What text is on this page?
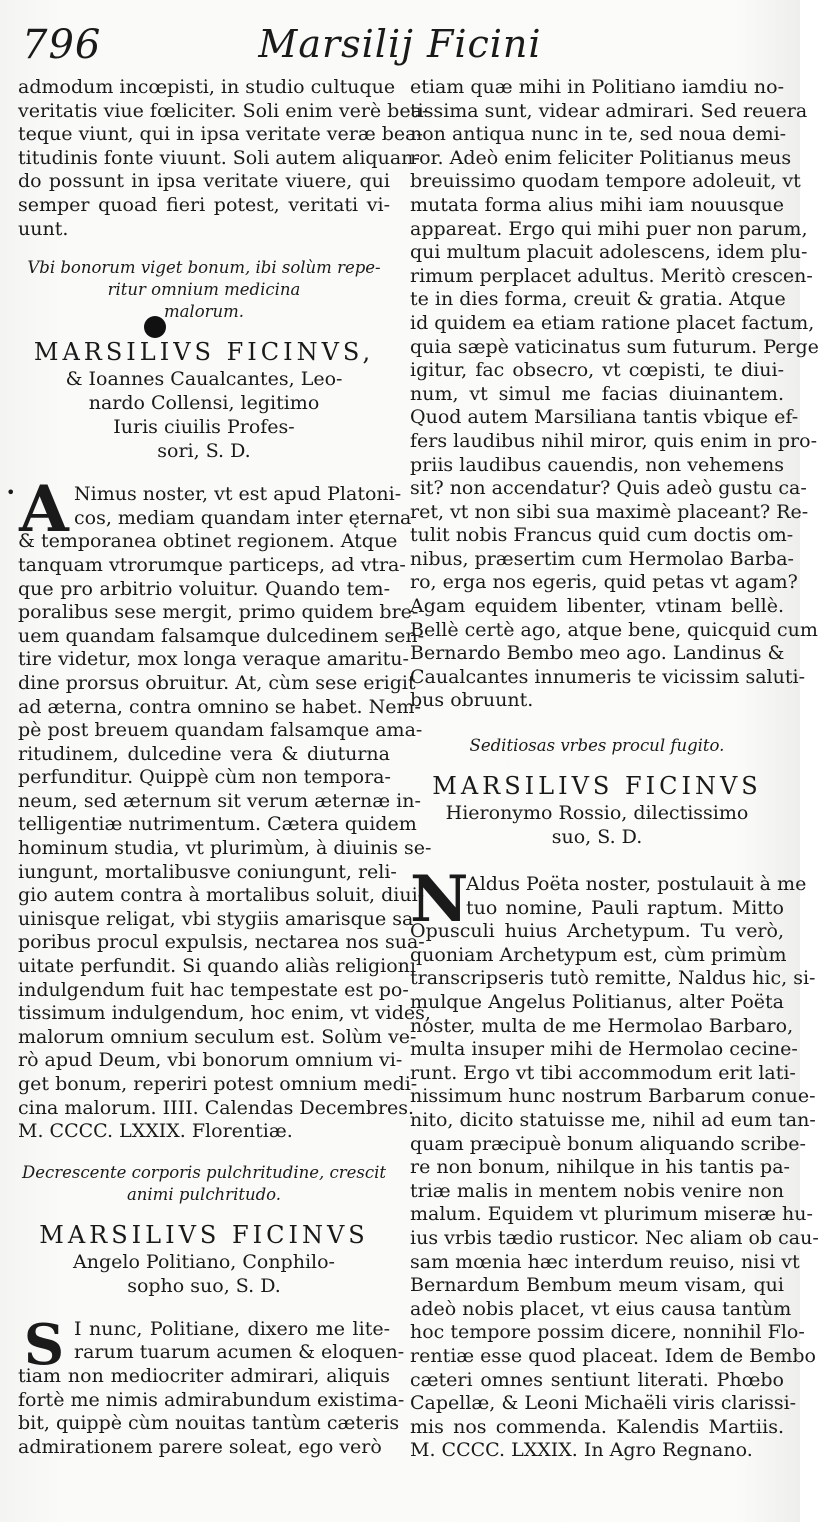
796	Marsilij Ficini
admodum incœpisti, in studio cultuque
veritatis viue fœliciter. Soli enim verè bea-
teque viunt, qui in ipsa veritate veræ bea-
titudinis fonte viuunt. Soli autem aliquan-
do possunt in ipsa veritate viuere, qui
semper quoad fieri potest, veritati vi-
uunt.
Vbi bonorum viget bonum, ibi solùm repe-
ritur omnium medicina
malorum.
MARSILIVS FICINVS,
& Ioannes Caualcantes, Leo-
nardo Collensi, legitimo
Iuris ciuilis Profes-
sori, S. D.
• A Nimus noster, vt est apud Platoni-
cos, mediam quandam inter ęterna
& temporanea obtinet regionem. Atque
tanquam vtrorumque particeps, ad vtra-
que pro arbitrio voluitur. Quando tem-
poralibus sese mergit, primo quidem bre-
uem quandam falsamque dulcedinem sen-
tire videtur, mox longa veraque amaritu-
dine prorsus obruitur. At, cùm sese erigit
ad æterna, contra omnino se habet. Nem-
pè post breuem quandam falsamque ama-
ritudinem, dulcedine vera & diuturna
perfunditur. Quippè cùm non tempora-
neum, sed æternum sit verum æternæ in-
telligentiæ nutrimentum. Cætera quidem
hominum studia, vt plurimùm, à diuinis se-
iungunt, mortalibusve coniungunt, reli-
gio autem contra à mortalibus soluit, diui-
uinisque religat, vbi stygiis amarisque sa-
poribus procul expulsis, nectarea nos sua-
uitate perfundit. Si quando aliàs religioni
indulgendum fuit hac tempestate est po-
tissimum indulgendum, hoc enim, vt vides,
malorum omnium seculum est. Solùm ve-
rò apud Deum, vbi bonorum omnium vi-
get bonum, reperiri potest omnium medi-
cina malorum. IIII. Calendas Decembres.
M. CCCC. LXXIX. Florentiæ.
Decrescente corporis pulchritudine, crescit
animi pulchritudo.
MARSILIVS FICINVS
Angelo Politiano, Conphilo-
sopho suo, S. D.
S I nunc, Politiane, dixero me lite-
rarum tuarum acumen & eloquen-
tiam non mediocriter admirari, aliquis
fortè me nimis admirabundum existima-
bit, quippè cùm nouitas tantùm cæteris
admirationem parere soleat, ego verò
etiam quæ mihi in Politiano iamdiu no-
tissima sunt, videar admirari. Sed reuera
non antiqua nunc in te, sed noua demi-
ror. Adeò enim feliciter Politianus meus
breuissimo quodam tempore adoleuit, vt
mutata forma alius mihi iam nouusque
appareat. Ergo qui mihi puer non parum,
qui multum placuit adolescens, idem plu-
rimum perplacet adultus. Meritò crescen-
te in dies forma, creuit & gratia. Atque
id quidem ea etiam ratione placet factum,
quia sæpè vaticinatus sum futurum. Perge
igitur, fac obsecro, vt cœpisti, te diui-
num, vt simul me facias diuinantem.
Quod autem Marsiliana tantis vbique ef-
fers laudibus nihil miror, quis enim in pro-
priis laudibus cauendis, non vehemens
sit? non accendatur? Quis adeò gustu ca-
ret, vt non sibi sua maximè placeant? Re-
tulit nobis Francus quid cum doctis om-
nibus, præsertim cum Hermolao Barba-
ro, erga nos egeris, quid petas vt agam?
Agam equidem libenter, vtinam bellè.
Bellè certè ago, atque bene, quicquid cum
Bernardo Bembo meo ago. Landinus &
Caualcantes innumeris te vicissim saluti-
bus obruunt.
Seditiosas vrbes procul fugito.
MARSILIVS FICINVS
Hieronymo Rossio, dilectissimo
suo, S. D.
N
Aldus Poëta noster, postulauit à me
tuo nomine, Pauli raptum. Mitto
Opusculi huius Archetypum. Tu verò,
quoniam Archetypum est, cùm primùm
transcripseris tutò remitte, Naldus hic, si-
mulque Angelus Politianus, alter Poëta
noster, multa de me Hermolao Barbaro,
multa insuper mihi de Hermolao cecine-
runt. Ergo vt tibi accommodum erit lati-
nissimum hunc nostrum Barbarum conue-
nito, dicito statuisse me, nihil ad eum tan-
quam præcipuè bonum aliquando scribe-
re non bonum, nihilque in his tantis pa-
triæ malis in mentem nobis venire non
malum. Equidem vt plurimum miseræ hu-
ius vrbis tædio rusticor. Nec aliam ob cau-
sam mœnia hæc interdum reuiso, nisi vt
Bernardum Bembum meum visam, qui
adeò nobis placet, vt eius causa tantùm
hoc tempore possim dicere, nonnihil Flo-
rentiæ esse quod placeat. Idem de Bembo
cæteri omnes sentiunt literati. Phœbo
Capellæ, & Leoni Michaëli viris clarissi-
mis nos commenda. Kalendis Martiis.
M. CCCC. LXXIX. In Agro Regnano.
